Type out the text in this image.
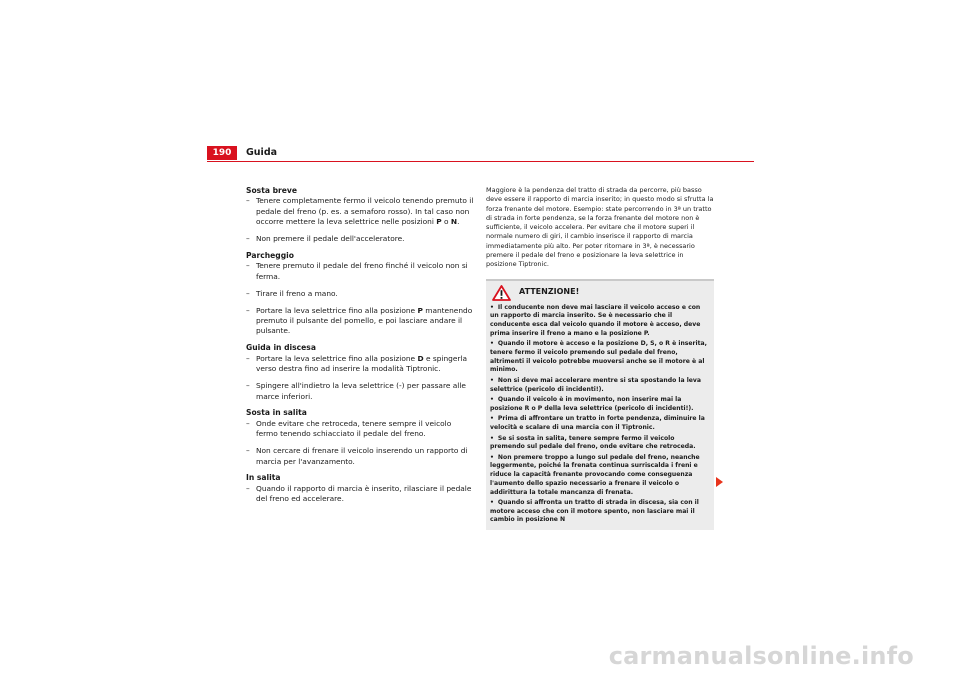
190	Guida

Sosta breve

– Tenere completamente fermo il veicolo tenendo premuto il pedale del freno (p. es. a semaforo rosso). In tal caso non occorre mettere la leva selettrice nelle posizioni P o N.
– Non premere il pedale dell'acceleratore.

Parcheggio

– Tenere premuto il pedale del freno finché il veicolo non si ferma.
– Tirare il freno a mano.
– Portare la leva selettrice fino alla posizione P mantenendo premuto il pulsante del pomello, e poi lasciare andare il pulsante.

Guida in discesa

– Portare la leva selettrice fino alla posizione D e spingerla verso destra fino ad inserire la modalità Tiptronic.
– Spingere all'indietro la leva selettrice (-) per passare alle marce inferiori.

Sosta in salita

– Onde evitare che retroceda, tenere sempre il veicolo fermo tenendo schiacciato il pedale del freno.
– Non cercare di frenare il veicolo inserendo un rapporto di marcia per l'avanzamento.

In salita

– Quando il rapporto di marcia è inserito, rilasciare il pedale del freno ed accelerare.

Maggiore è la pendenza del tratto di strada da percorre, più basso deve essere il rapporto di marcia inserito; in questo modo si sfrutta la forza frenante del motore. Esempio: state percorrendo in 3ª un tratto di strada in forte pendenza, se la forza frenante del motore non è sufficiente, il veicolo accelera. Per evitare che il motore superi il normale numero di giri, il cambio inserisce il rapporto di marcia immediatamente più alto. Per poter ritornare in 3ª, è necessario premere il pedale del freno e posizionare la leva selettrice in posizione Tiptronic.

ATTENZIONE!

• Il conducente non deve mai lasciare il veicolo acceso e con un rapporto di marcia inserito. Se è necessario che il conducente esca dal veicolo quando il motore è acceso, deve prima inserire il freno a mano e la posizione P.

• Quando il motore è acceso e la posizione D, S, o R è inserita, tenere fermo il veicolo premendo sul pedale del freno, altrimenti il veicolo potrebbe muoversi anche se il motore è al minimo.

• Non si deve mai accelerare mentre si sta spostando la leva selettrice (pericolo di incidenti!).

• Quando il veicolo è in movimento, non inserire mai la posizione R o P della leva selettrice (pericolo di incidenti!).

• Prima di affrontare un tratto in forte pendenza, diminuire la velocità e scalare di una marcia con il Tiptronic.

• Se si sosta in salita, tenere sempre fermo il veicolo premendo sul pedale del freno, onde evitare che retroceda.

• Non premere troppo a lungo sul pedale del freno, neanche leggermente, poiché la frenata continua surriscalda i freni e riduce la capacità frenante provocando come conseguenza l'aumento dello spazio necessario a frenare il veicolo o addirittura la totale mancanza di frenata.

• Quando si affronta un tratto di strada in discesa, sia con il motore acceso che con il motore spento, non lasciare mai il cambio in posizione N

carmanualsonline.info
